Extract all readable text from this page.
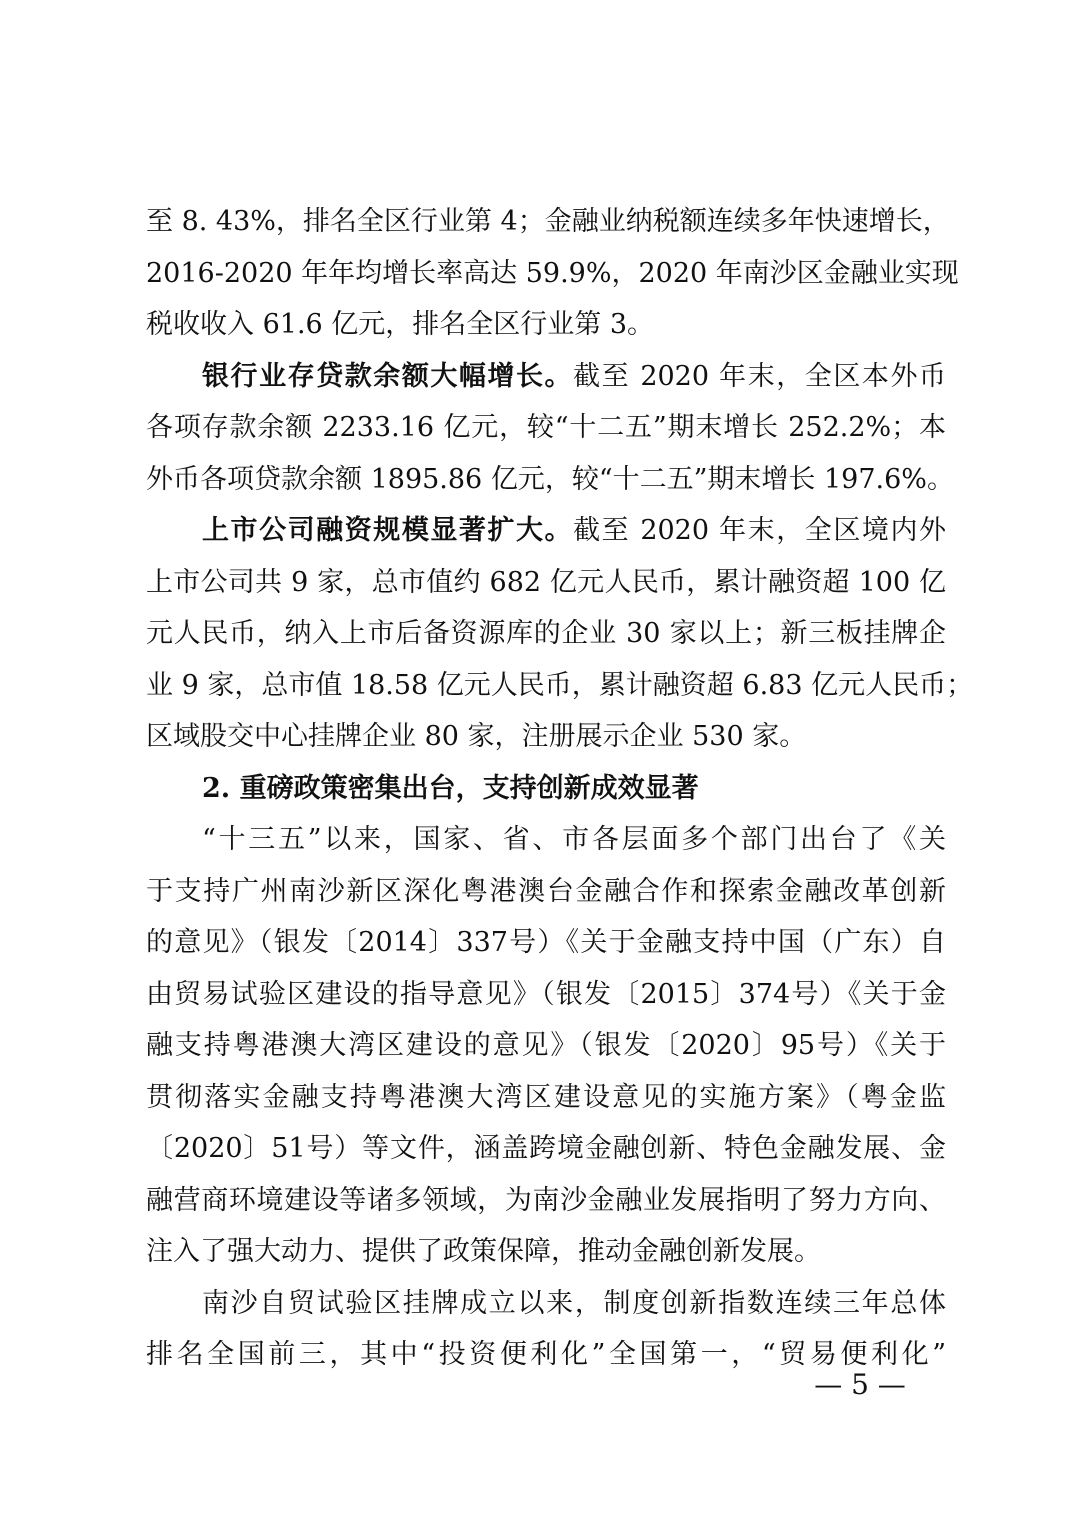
至 8. 43%，排名全区行业第 4；金融业纳税额连续多年快速增长，
2016-2020 年年均增长率高达 59.9%，2020 年南沙区金融业实现
税收收入 61.6 亿元，排名全区行业第 3。
银行业存贷款余额大幅增长。截至 2020 年末，全区本外币
各项存款余额 2233.16 亿元，较“十二五”期末增长 252.2%；本
外币各项贷款余额 1895.86 亿元，较“十二五”期末增长 197.6%。
上市公司融资规模显著扩大。截至 2020 年末，全区境内外
上市公司共 9 家，总市值约 682 亿元人民币，累计融资超 100 亿
元人民币，纳入上市后备资源库的企业 30 家以上；新三板挂牌企
业 9 家，总市值 18.58 亿元人民币，累计融资超 6.83 亿元人民币；
区域股交中心挂牌企业 80 家，注册展示企业 530 家。
2. 重磅政策密集出台，支持创新成效显著
“十三五”以来，国家、省、市各层面多个部门出台了《关
于支持广州南沙新区深化粤港澳台金融合作和探索金融改革创新
的意见》（银发〔2014〕337号）《关于金融支持中国（广东）自
由贸易试验区建设的指导意见》（银发〔2015〕374号）《关于金
融支持粤港澳大湾区建设的意见》（银发〔2020〕95号）《关于
贯彻落实金融支持粤港澳大湾区建设意见的实施方案》（粤金监
〔2020〕51号）等文件，涵盖跨境金融创新、特色金融发展、金
融营商环境建设等诸多领域，为南沙金融业发展指明了努力方向、
注入了强大动力、提供了政策保障，推动金融创新发展。
南沙自贸试验区挂牌成立以来，制度创新指数连续三年总体
排名全国前三，其中“投资便利化”全国第一，“贸易便利化”
— 5 —
